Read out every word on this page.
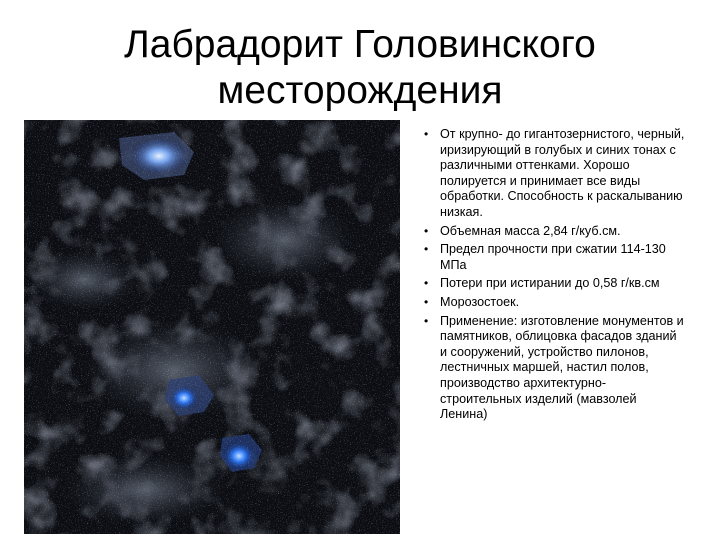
Лабрадорит Головинского
месторождения
• От крупно- до гигантозернистого, черный, иризирующий в голубых и синих тонах с различными оттенками. Хорошо полируется и принимает все виды обработки. Способность к раскалыванию низкая.
• Объемная масса 2,84 г/куб.см.
• Предел прочности при сжатии 114-130 МПа
• Потери при истирании до 0,58 г/кв.см
• Морозостоек.
• Применение: изготовление монументов и памятников, облицовка фасадов зданий и сооружений, устройство пилонов, лестничных маршей, настил полов, производство архитектурно-строительных изделий (мавзолей Ленина)
